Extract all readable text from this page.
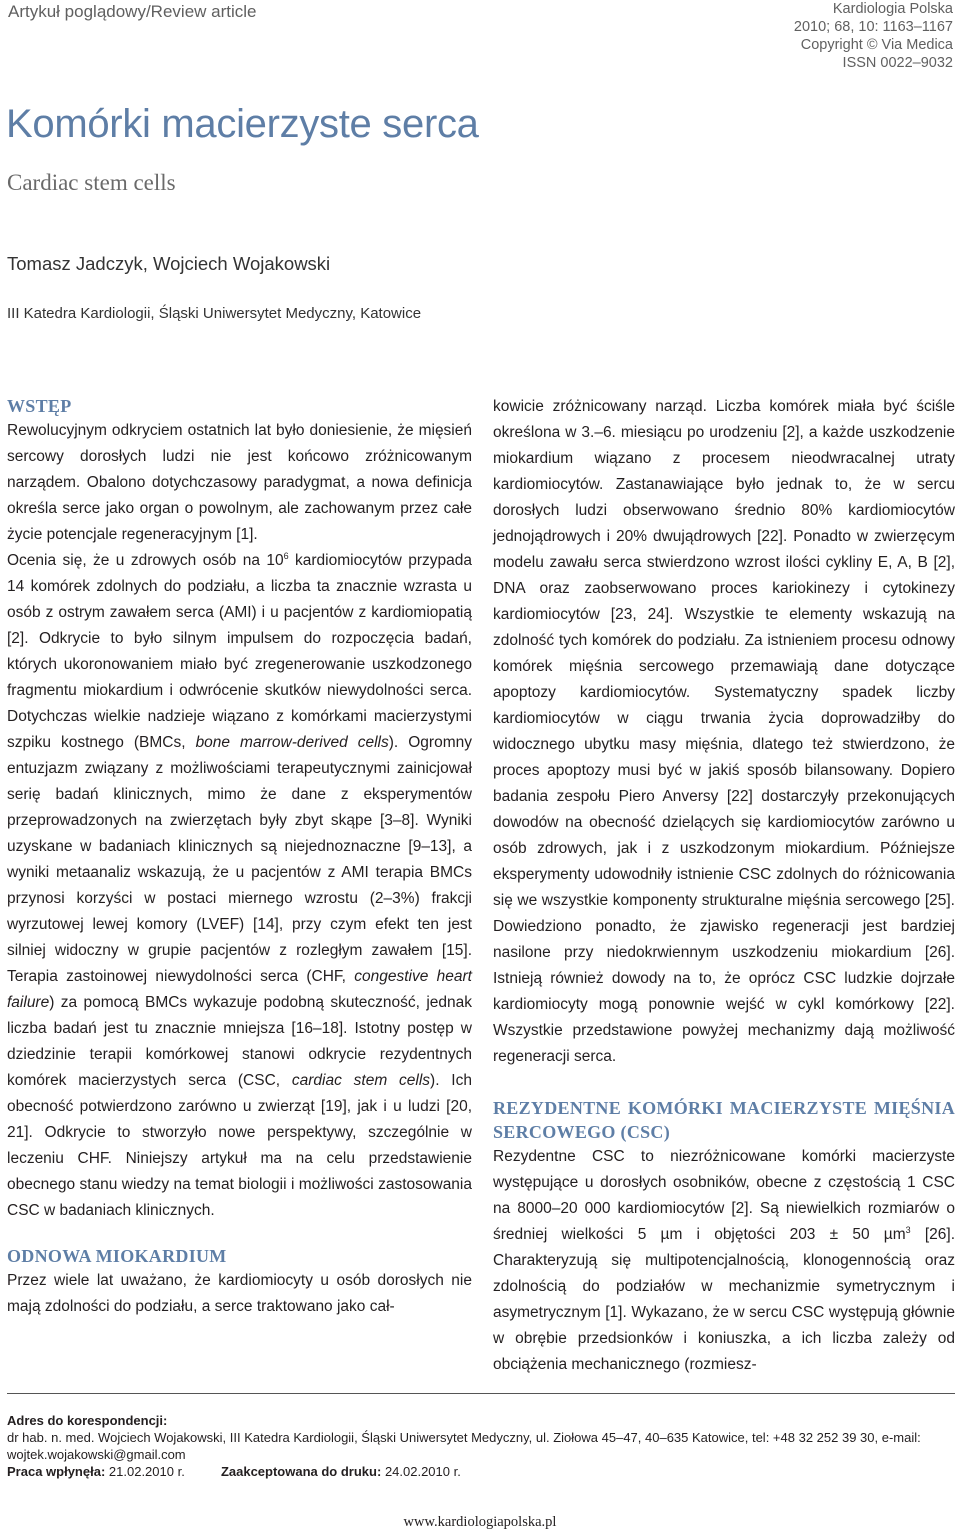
Artykuł poglądowy/Review article	Kardiologia Polska
2010; 68, 10: 1163–1167
Copyright © Via Medica
ISSN 0022–9032
Komórki macierzyste serca
Cardiac stem cells
Tomasz Jadczyk, Wojciech Wojakowski
III Katedra Kardiologii, Śląski Uniwersytet Medyczny, Katowice
WSTĘP

Rewolucyjnym odkryciem ostatnich lat było doniesienie, że mięsień sercowy dorosłych ludzi nie jest końcowo zróżnicowanym narządem. Obalono dotychczasowy paradygmat, a nowa definicja określa serce jako organ o powolnym, ale zachowanym przez całe życie potencjale regeneracyjnym [1].

Ocenia się, że u zdrowych osób na $10^6$ kardiomiocytów przypada 14 komórek zdolnych do podziału, a liczba ta znacznie wzrasta u osób z ostrym zawałem serca (AMI) i u pacjentów z kardiomiopatią [2]. Odkrycie to było silnym impulsem do rozpoczęcia badań, których ukoronowaniem miało być zregenerowanie uszkodzonego fragmentu miokardium i odwrócenie skutków niewydolności serca. Dotychczas wielkie nadzieje wiązano z komórkami macierzystymi szpiku kostnego (BMCs, bone marrow-derived cells). Ogromny entuzjazm związany z możliwościami terapeutycznymi zainicjował serię badań klinicznych, mimo że dane z eksperymentów przeprowadzonych na zwierzętach były zbyt skąpe [3–8]. Wyniki uzyskane w badaniach klinicznych są niejednoznaczne [9–13], a wyniki metaanaliz wskazują, że u pacjentów z AMI terapia BMCs przynosi korzyści w postaci miernego wzrostu (2–3%) frakcji wyrzutowej lewej komory (LVEF) [14], przy czym efekt ten jest silniej widoczny w grupie pacjentów z rozległym zawałem [15]. Terapia zastoinowej niewydolności serca (CHF, congestive heart failure) za pomocą BMCs wykazuje podobną skuteczność, jednak liczba badań jest tu znacznie mniejsza [16–18]. Istotny postęp w dziedzinie terapii komórkowej stanowi odkrycie rezydentnych komórek macierzystych serca (CSC, cardiac stem cells). Ich obecność potwierdzono zarówno u zwierząt [19], jak i u ludzi [20, 21]. Odkrycie to stworzyło nowe perspektywy, szczególnie w leczeniu CHF. Niniejszy artykuł ma na celu przedstawienie obecnego stanu wiedzy na temat biologii i możliwości zastosowania CSC w badaniach klinicznych.

ODNOWA MIOKARDIUM

Przez wiele lat uważano, że kardiomiocyty u osób dorosłych nie mają zdolności do podziału, a serce traktowano jako cał-

kowicie zróżnicowany narząd. Liczba komórek miała być ściśle określona w 3.–6. miesiącu po urodzeniu [2], a każde uszkodzenie miokardium wiązano z procesem nieodwracalnej utraty kardiomiocytów. Zastanawiające było jednak to, że w sercu dorosłych ludzi obserwowano średnio 80% kardiomiocytów jednojądrowych i 20% dwujądrowych [22]. Ponadto w zwierzęcym modelu zawału serca stwierdzono wzrost ilości cykliny E, A, B [2], DNA oraz zaobserwowano proces kariokinezy i cytokinezy kardiomiocytów [23, 24]. Wszystkie te elementy wskazują na zdolność tych komórek do podziału. Za istnieniem procesu odnowy komórek mięśnia sercowego przemawiają dane dotyczące apoptozy kardiomiocytów. Systematyczny spadek liczby kardiomiocytów w ciągu trwania życia doprowadziłby do widocznego ubytku masy mięśnia, dlatego też stwierdzono, że proces apoptozy musi być w jakiś sposób bilansowany. Dopiero badania zespołu Piero Anversy [22] dostarczyły przekonujących dowodów na obecność dzielących się kardiomiocytów zarówno u osób zdrowych, jak i z uszkodzonym miokardium. Późniejsze eksperymenty udowodniły istnienie CSC zdolnych do różnicowania się we wszystkie komponenty strukturalne mięśnia sercowego [25]. Dowiedziono ponadto, że zjawisko regeneracji jest bardziej nasilone przy niedokrwiennym uszkodzeniu miokardium [26]. Istnieją również dowody na to, że oprócz CSC ludzkie dojrzałe kardiomiocyty mogą ponownie wejść w cykl komórkowy [22]. Wszystkie przedstawione powyżej mechanizmy dają możliwość regeneracji serca.

REZYDENTNE KOMÓRKI MACIERZYSTE MIĘŚNIA SERCOWEGO (CSC)

Rezydentne CSC to niezróżnicowane komórki macierzyste występujące u dorosłych osobników, obecne z częstością 1 CSC na 8000–20 000 kardiomiocytów [2]. Są niewielkich rozmiarów o średniej wielkości 5 µm i objętości 203 ± 50 µm$^3$ [26]. Charakteryzują się multipotencjalnością, klonogennością oraz zdolnością do podziałów w mechanizmie symetrycznym i asymetrycznym [1]. Wykazano, że w sercu CSC występują głównie w obrębie przedsionków i koniuszka, a ich liczba zależy od obciążenia mechanicznego (rozmiesz-

Adres do korespondencji:
dr hab. n. med. Wojciech Wojakowski, III Katedra Kardiologii, Śląski Uniwersytet Medyczny, ul. Ziołowa 45–47, 40–635 Katowice, tel: +48 32 252 39 30, e-mail: wojtek.wojakowski@gmail.com
Praca wpłynęła: 21.02.2010 r.	Zaakceptowana do druku: 24.02.2010 r.
www.kardiologiapolska.pl
